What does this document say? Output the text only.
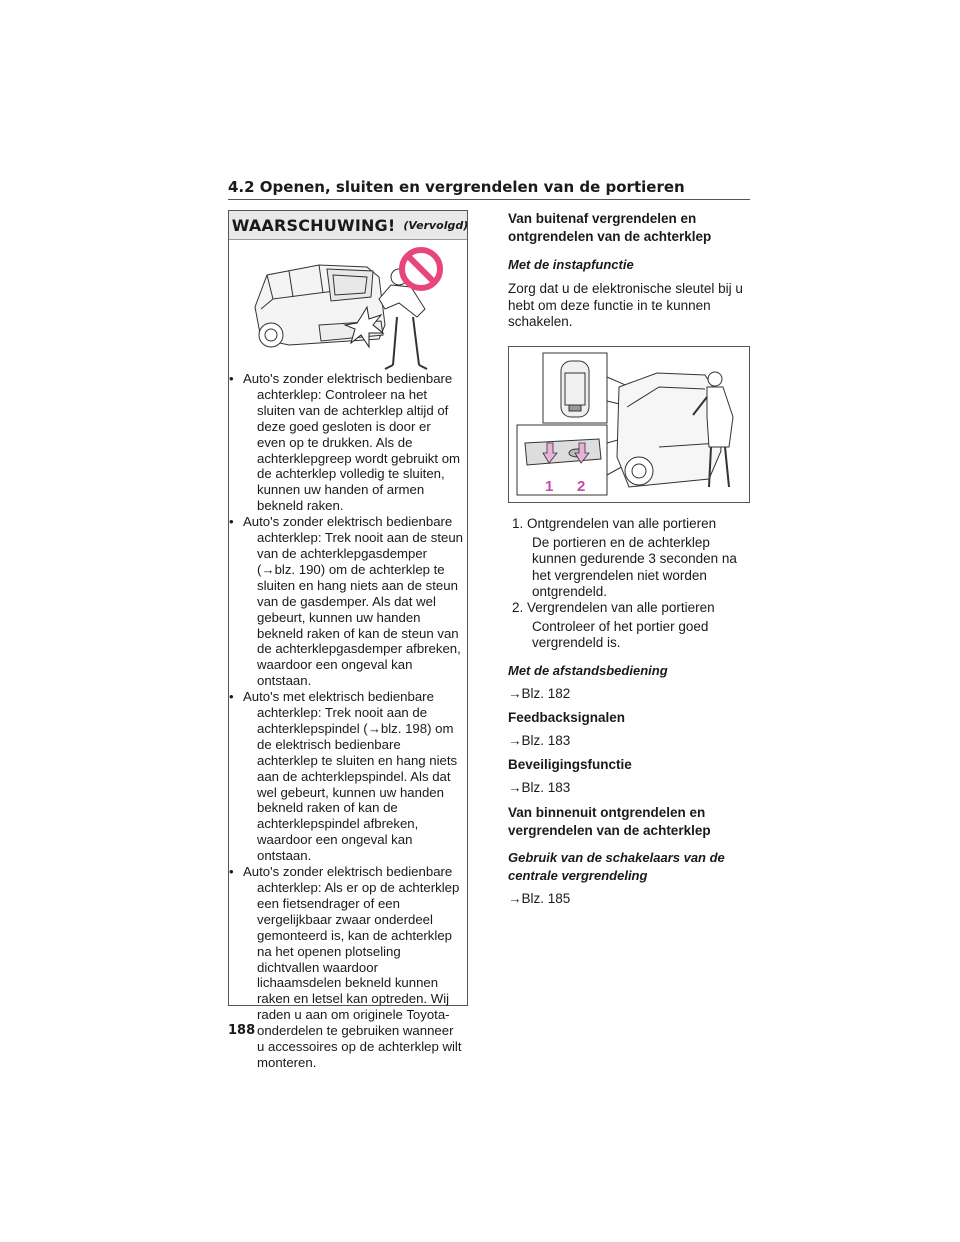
4.2 Openen, sluiten en vergrendelen van de portieren
WAARSCHUWING! (Vervolgd)
• Auto's zonder elektrisch bedienbare
achterklep: Controleer na het sluiten van de achterklep altijd of deze goed gesloten is door er even op te drukken. Als de achterklepgreep wordt gebruikt om de achterklep volledig te sluiten, kunnen uw handen of armen bekneld raken.
• Auto's zonder elektrisch bedienbare
achterklep: Trek nooit aan de steun van de achterklepgasdemper (→blz. 190) om de achterklep te sluiten en hang niets aan de steun van de gasdemper. Als dat wel gebeurt, kunnen uw handen bekneld raken of kan de steun van de achterklepgasdemper afbreken, waardoor een ongeval kan ontstaan.
• Auto's met elektrisch bedienbare
achterklep: Trek nooit aan de achterklepspindel (→blz. 198) om de elektrisch bedienbare achterklep te sluiten en hang niets aan de achterklepspindel. Als dat wel gebeurt, kunnen uw handen bekneld raken of kan de achterklepspindel afbreken, waardoor een ongeval kan ontstaan.
• Auto's zonder elektrisch bedienbare
achterklep: Als er op de achterklep een fietsendrager of een vergelijkbaar zwaar onderdeel gemonteerd is, kan de achterklep na het openen plotseling dichtvallen waardoor lichaamsdelen bekneld kunnen raken en letsel kan optreden. Wij raden u aan om originele Toyota-onderdelen te gebruiken wanneer u accessoires op de achterklep wilt monteren.
Van buitenaf vergrendelen en ontgrendelen van de achterklep
Met de instapfunctie
Zorg dat u de elektronische sleutel bij u hebt om deze functie in te kunnen schakelen.
1 2
1. Ontgrendelen van alle portieren
De portieren en de achterklep kunnen gedurende 3 seconden na het vergrendelen niet worden ontgrendeld.
2. Vergrendelen van alle portieren
Controleer of het portier goed vergrendeld is.
Met de afstandsbediening
→Blz. 182
Feedbacksignalen
→Blz. 183
Beveiligingsfunctie
→Blz. 183
Van binnenuit ontgrendelen en vergrendelen van de achterklep
Gebruik van de schakelaars van de centrale vergrendeling
→Blz. 185
188
